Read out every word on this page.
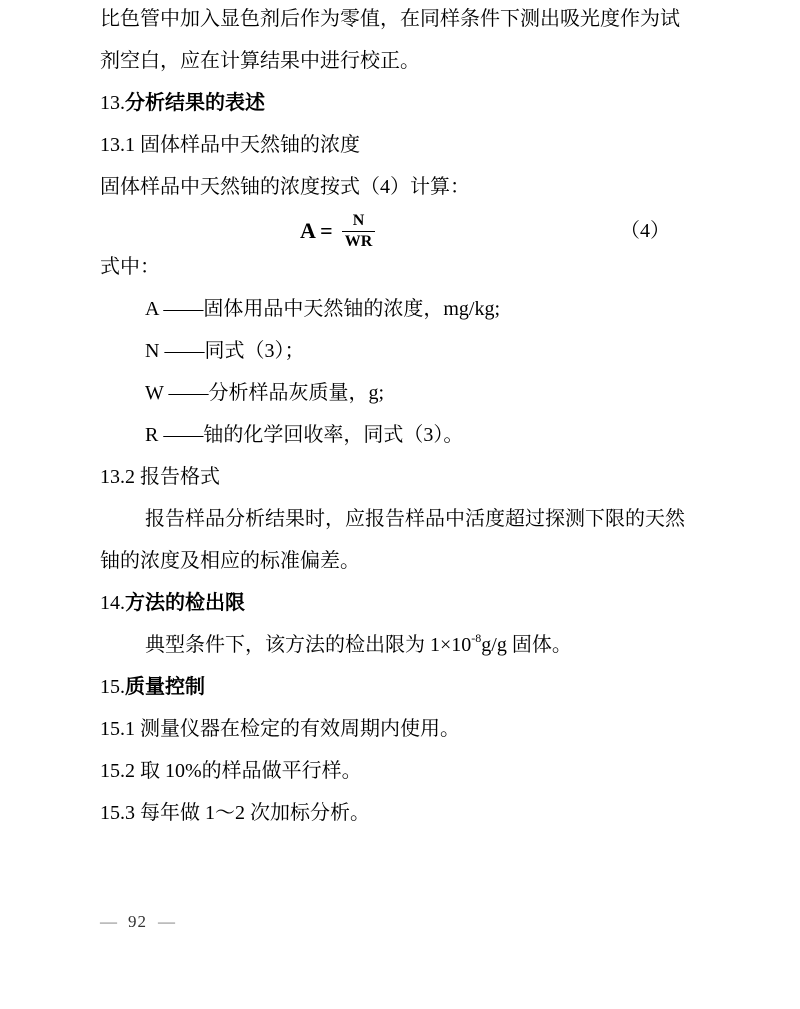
比色管中加入显色剂后作为零值，在同样条件下测出吸光度作为试
剂空白，应在计算结果中进行校正。
13.分析结果的表述
13.1 固体样品中天然铀的浓度
固体样品中天然铀的浓度按式（4）计算：
$A = \frac{N}{WR}$	（4）
式中：
A ——固体用品中天然铀的浓度，mg/kg;
N ——同式（3）；
W ——分析样品灰质量，g;
R ——铀的化学回收率，同式（3）。
13.2 报告格式
报告样品分析结果时，应报告样品中活度超过探测下限的天然
铀的浓度及相应的标准偏差。
14.方法的检出限
典型条件下，该方法的检出限为 $1\times 10^{-8}g/g$ 固体。
15.质量控制
15.1 测量仪器在检定的有效周期内使用。
15.2 取 10%的样品做平行样。
15.3 每年做 1～2 次加标分析。
— 92 —
